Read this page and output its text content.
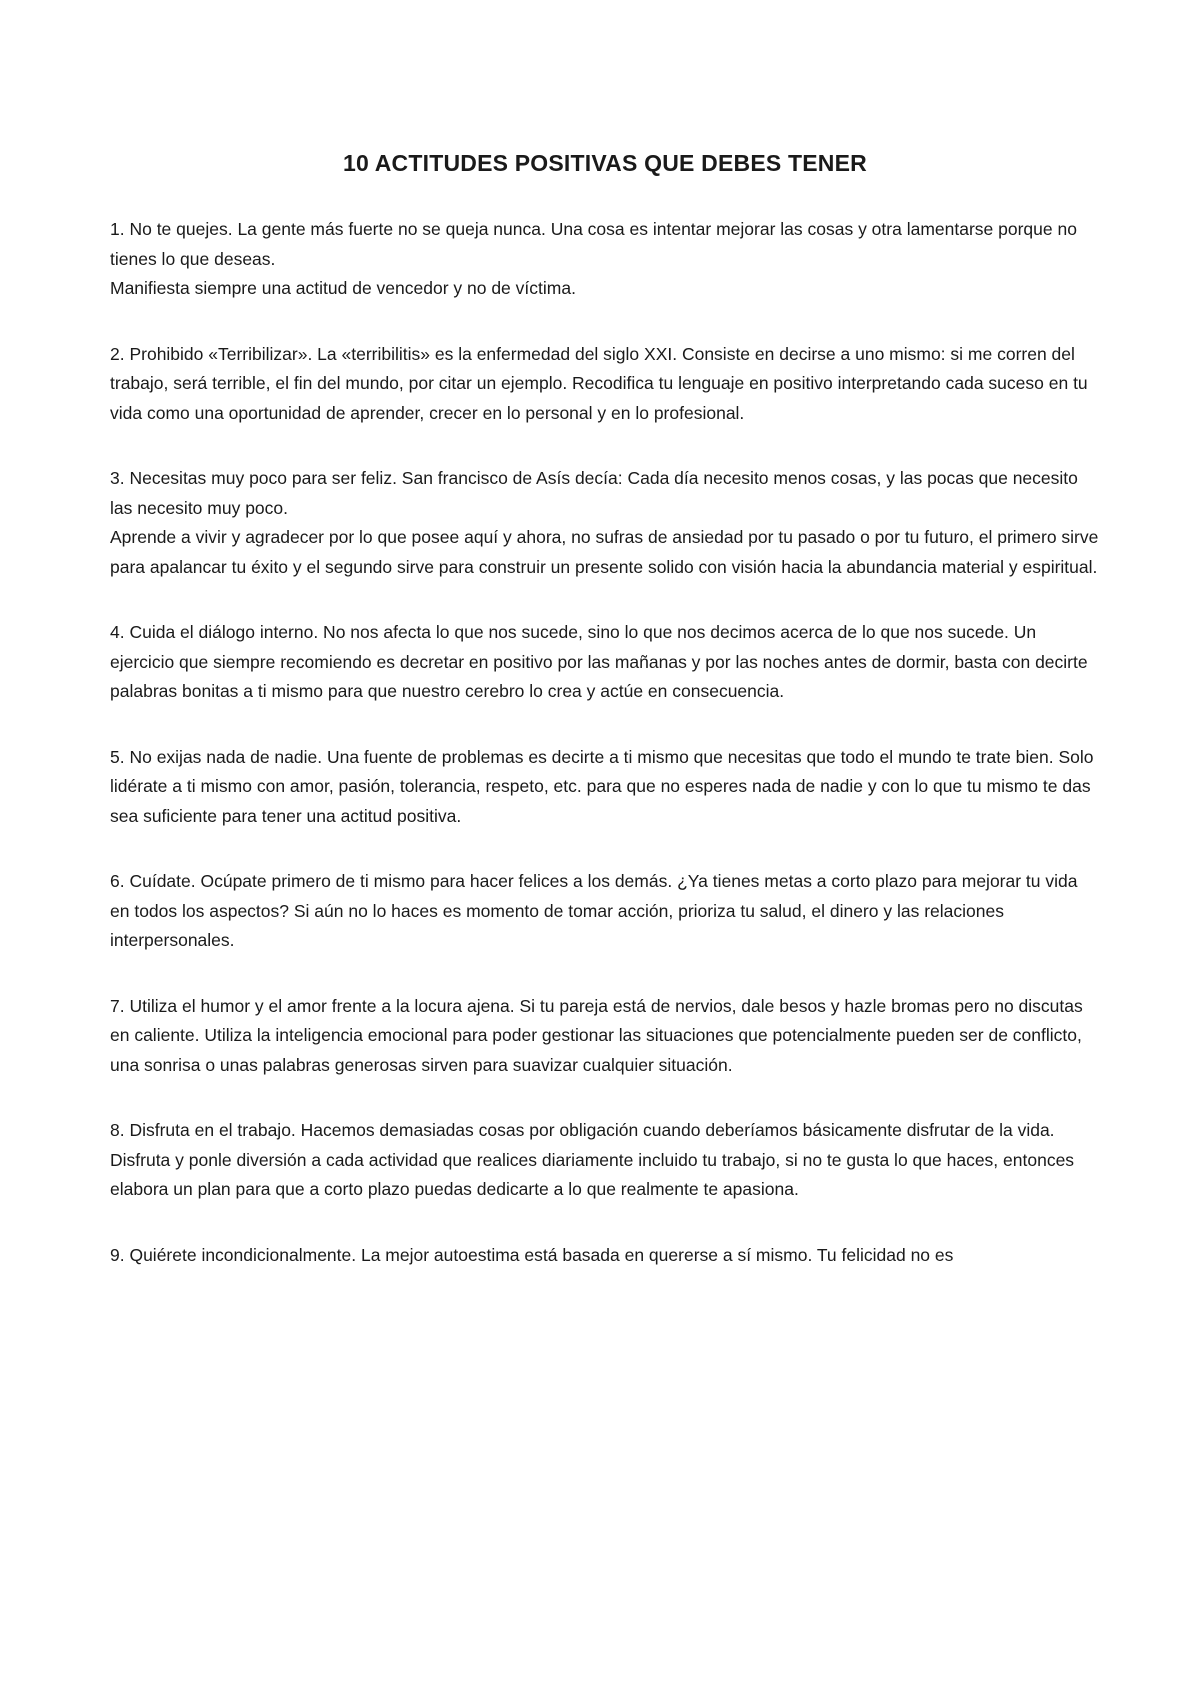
10 ACTITUDES POSITIVAS QUE DEBES TENER

1. No te quejes. La gente más fuerte no se queja nunca. Una cosa es intentar mejorar las cosas y otra lamentarse porque no tienes lo que deseas.

Manifiesta siempre una actitud de vencedor y no de víctima.

2. Prohibido «Terribilizar». La «terribilitis» es la enfermedad del siglo XXI. Consiste en decirse a uno mismo: si me corren del trabajo, será terrible, el fin del mundo, por citar un ejemplo. Recodifica tu lenguaje en positivo interpretando cada suceso en tu vida como una oportunidad de aprender, crecer en lo personal y en lo profesional.

3. Necesitas muy poco para ser feliz. San francisco de Asís decía: Cada día necesito menos cosas, y las pocas que necesito las necesito muy poco.

Aprende a vivir y agradecer por lo que posee aquí y ahora, no sufras de ansiedad por tu pasado o por tu futuro, el primero sirve para apalancar tu éxito y el segundo sirve para construir un presente solido con visión hacia la abundancia material y espiritual.

4. Cuida el diálogo interno. No nos afecta lo que nos sucede, sino lo que nos decimos acerca de lo que nos sucede. Un ejercicio que siempre recomiendo es decretar en positivo por las mañanas y por las noches antes de dormir, basta con decirte palabras bonitas a ti mismo para que nuestro cerebro lo crea y actúe en consecuencia.

5. No exijas nada de nadie. Una fuente de problemas es decirte a ti mismo que necesitas que todo el mundo te trate bien. Solo lidérate a ti mismo con amor, pasión, tolerancia, respeto, etc. para que no esperes nada de nadie y con lo que tu mismo te das sea suficiente para tener una actitud positiva.

6. Cuídate. Ocúpate primero de ti mismo para hacer felices a los demás. ¿Ya tienes metas a corto plazo para mejorar tu vida en todos los aspectos? Si aún no lo haces es momento de tomar acción, prioriza tu salud, el dinero y las relaciones interpersonales.

7. Utiliza el humor y el amor frente a la locura ajena. Si tu pareja está de nervios, dale besos y hazle bromas pero no discutas en caliente. Utiliza la inteligencia emocional para poder gestionar las situaciones que potencialmente pueden ser de conflicto, una sonrisa o unas palabras generosas sirven para suavizar cualquier situación.

8. Disfruta en el trabajo. Hacemos demasiadas cosas por obligación cuando deberíamos básicamente disfrutar de la vida. Disfruta y ponle diversión a cada actividad que realices diariamente incluido tu trabajo, si no te gusta lo que haces, entonces elabora un plan para que a corto plazo puedas dedicarte a lo que realmente te apasiona.

9. Quiérete incondicionalmente. La mejor autoestima está basada en quererse a sí mismo. Tu felicidad no es
